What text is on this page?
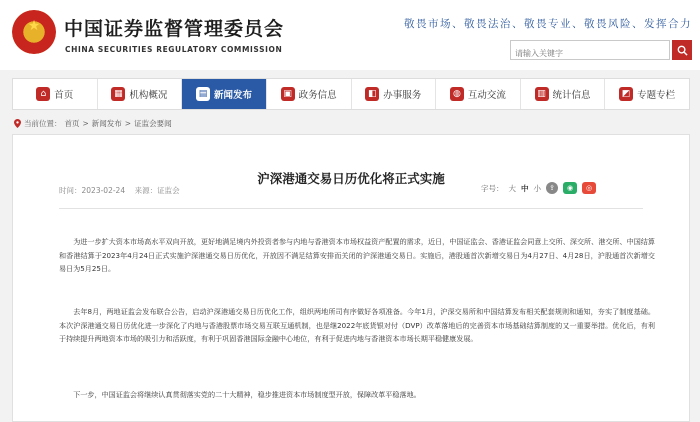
★	中国证券监督管理委员会
CHINA SECURITIES REGULATORY COMMISSION
敬畏市场、敬畏法治、敬畏专业、敬畏风险、发挥合力
请输入关键字
⌂ 首页	▦ 机构概况	▤ 新闻发布	▣ 政务信息	◧ 办事服务	◍ 互动交流	▥ 统计信息	◩ 专题专栏
当前位置： 首页 > 新闻发布 > 证监会要闻
沪深港通交易日历优化将正式实施
时间：2023-02-24 来源：证监会	字号： 大 中 小	⇪	◉	◎

为进一步扩大资本市场高水平双向开放，更好地满足境内外投资者参与内地与香港资本市场权益资产配置的需求，近日，中国证监会、香港证监会同意上交所、深交所、港交所、中国结算和香港结算于2023年4月24日正式实施沪深港通交易日历优化，开放因不满足结算安排而关闭的沪深港通交易日。实施后，港股通首次新增交易日为4月27日、4月28日，沪股通首次新增交易日为5月25日。

去年8月，两地证监会发布联合公告，启动沪深港通交易日历优化工作，组织两地所司有序做好各项准备。今年1月，沪深交易所和中国结算发布相关配套规则和通知，夯实了制度基础。本次沪深港通交易日历优化进一步深化了内地与香港股票市场交易互联互通机制，也是继2022年底货银对付（DVP）改革落地后的完善资本市场基础结算制度的又一重要举措。优化后，有利于持续提升两地资本市场的吸引力和活跃度，有利于巩固香港国际金融中心地位，有利于促进内地与香港资本市场长期平稳健康发展。

下一步，中国证监会将继续认真贯彻落实党的二十大精神，稳步推进资本市场制度型开放，保障改革平稳落地。
